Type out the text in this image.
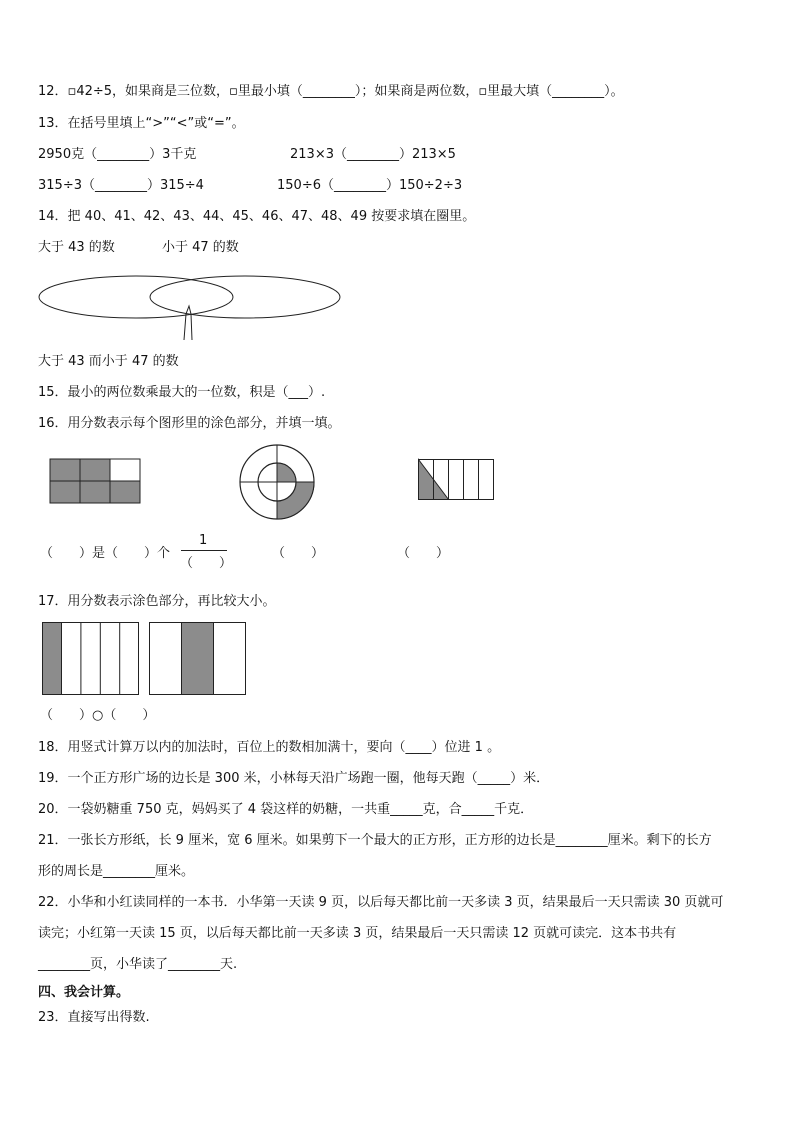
12．▫42÷5，如果商是三位数，▫里最小填（________）；如果商是两位数，▫里最大填（________）。
13．在括号里填上“>”“<”或“=”。
2950克（________）3千克	213×3（________）213×5
315÷3（________）315÷4	150÷6（________）150÷2÷3
14．把 40、41、42、43、44、45、46、47、48、49 按要求填在圈里。
大于 43 的数	小于 47 的数
大于 43 而小于 47 的数
15．最小的两位数乘最大的一位数，积是（___）.
16．用分数表示每个图形里的涂色部分，并填一填。
（　　）是（　　）个
1
（　　）
（　　）	（　　）
17．用分数表示涂色部分，再比较大小。
（　　）○（　　）
18．用竖式计算万以内的加法时，百位上的数相加满十，要向（____）位进 1 。
19．一个正方形广场的边长是 300 米，小林每天沿广场跑一圈，他每天跑（_____）米．
20．一袋奶糖重 750 克，妈妈买了 4 袋这样的奶糖，一共重_____克，合_____千克．
21．一张长方形纸，长 9 厘米，宽 6 厘米。如果剪下一个最大的正方形，正方形的边长是________厘米。剩下的长方
形的周长是________厘米。
22．小华和小红读同样的一本书．小华第一天读 9 页，以后每天都比前一天多读 3 页，结果最后一天只需读 30 页就可
读完；小红第一天读 15 页，以后每天都比前一天多读 3 页，结果最后一天只需读 12 页就可读完．这本书共有
________页，小华读了________天.
四、我会计算。
23．直接写出得数.
